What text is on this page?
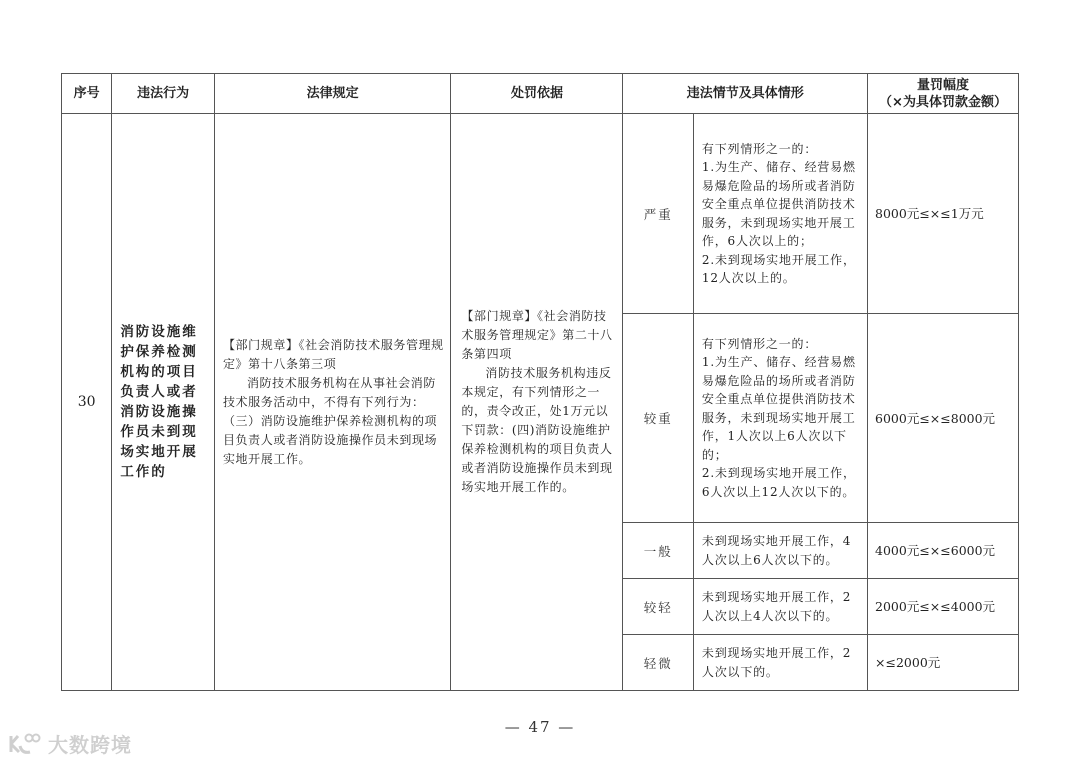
序号	违法行为	法律规定	处罚依据	违法情节及具体情形		量罚幅度
（×为具体罚款金额）

30	消防设施维护保养检测机构的项目负责人或者消防设施操作员未到现场实地开展工作的	【部门规章】《社会消防技术服务管理规定》第十八条第三项
消防技术服务机构在从事社会消防技术服务活动中，不得有下列行为：（三）消防设施维护保养检测机构的项目负责人或者消防设施操作员未到现场实地开展工作。	【部门规章】《社会消防技术服务管理规定》第二十八条第四项
消防技术服务机构违反本规定，有下列情形之一的，责令改正，处1万元以下罚款：(四)消防设施维护保养检测机构的项目负责人或者消防设施操作员未到现场实地开展工作的。	严重	有下列情形之一的：
1.为生产、储存、经营易燃易爆危险品的场所或者消防安全重点单位提供消防技术服务，未到现场实地开展工作，6人次以上的；
2.未到现场实地开展工作，12人次以上的。	8000元≤×≤1万元
				较重	有下列情形之一的：
1.为生产、储存、经营易燃易爆危险品的场所或者消防安全重点单位提供消防技术服务，未到现场实地开展工作，1人次以上6人次以下的；
2.未到现场实地开展工作，6人次以上12人次以下的。	6000元≤×≤8000元
				一般	未到现场实地开展工作，4人次以上6人次以下的。	4000元≤×≤6000元
				较轻	未到现场实地开展工作，2人次以上4人次以下的。	2000元≤×≤4000元
				轻微	未到现场实地开展工作，2人次以下的。	×≤2000元
— 47 —
大数跨境
